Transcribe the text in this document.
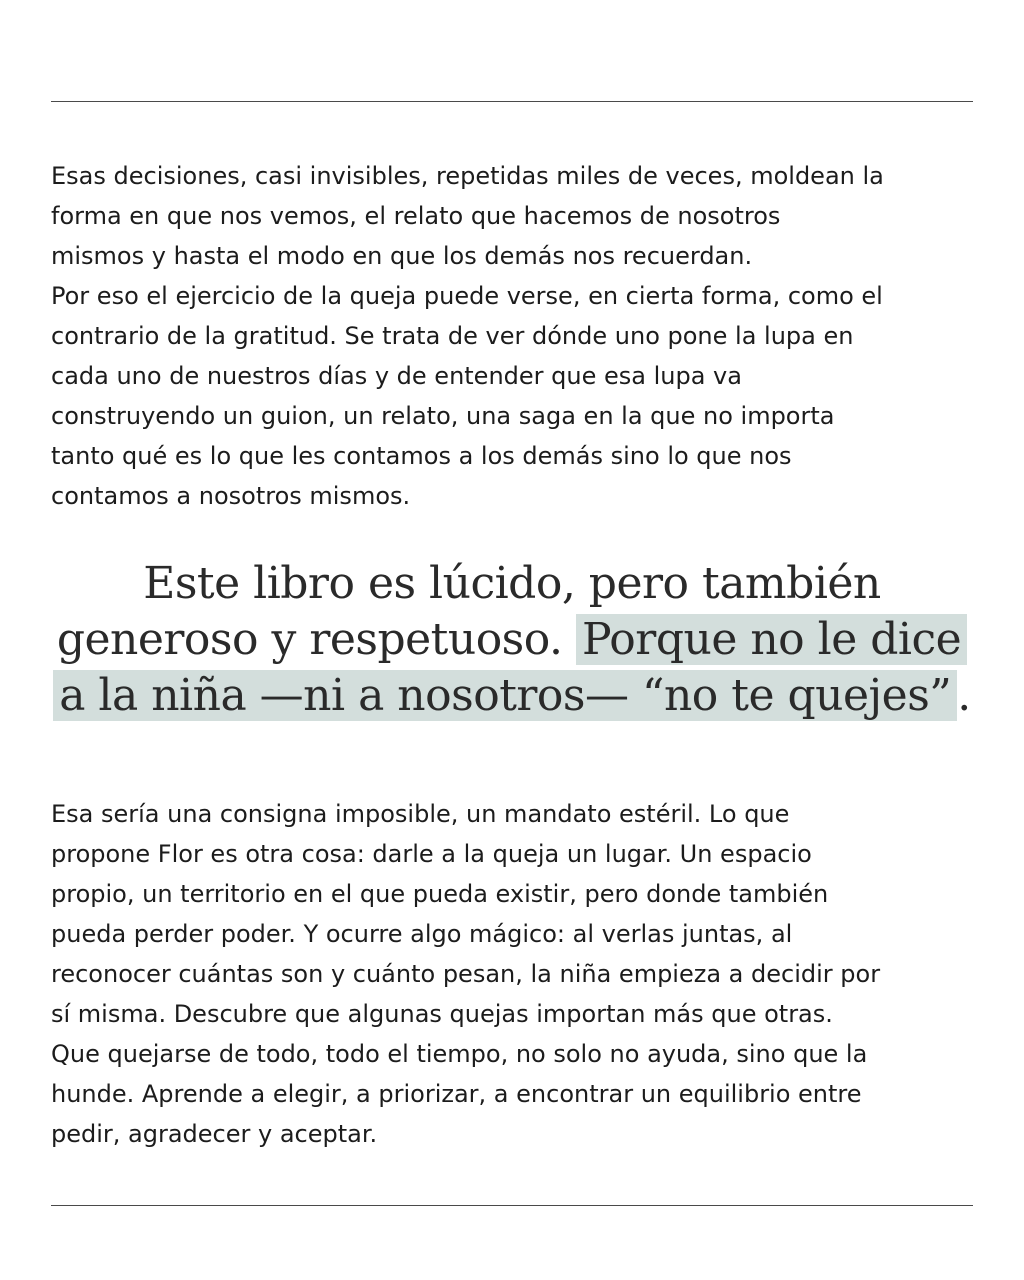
Esas decisiones, casi invisibles, repetidas miles de veces, moldean la
forma en que nos vemos, el relato que hacemos de nosotros
mismos y hasta el modo en que los demás nos recuerdan.
Por eso el ejercicio de la queja puede verse, en cierta forma, como el
contrario de la gratitud. Se trata de ver dónde uno pone la lupa en
cada uno de nuestros días y de entender que esa lupa va
construyendo un guion, un relato, una saga en la que no importa
tanto qué es lo que les contamos a los demás sino lo que nos
contamos a nosotros mismos.

Este libro es lúcido, pero también
generoso y respetuoso. Porque no le dice
a la niña —ni a nosotros— “no te quejes” .

Esa sería una consigna imposible, un mandato estéril. Lo que
propone Flor es otra cosa: darle a la queja un lugar. Un espacio
propio, un territorio en el que pueda existir, pero donde también
pueda perder poder. Y ocurre algo mágico: al verlas juntas, al
reconocer cuántas son y cuánto pesan, la niña empieza a decidir por
sí misma. Descubre que algunas quejas importan más que otras.
Que quejarse de todo, todo el tiempo, no solo no ayuda, sino que la
hunde. Aprende a elegir, a priorizar, a encontrar un equilibrio entre
pedir, agradecer y aceptar.
